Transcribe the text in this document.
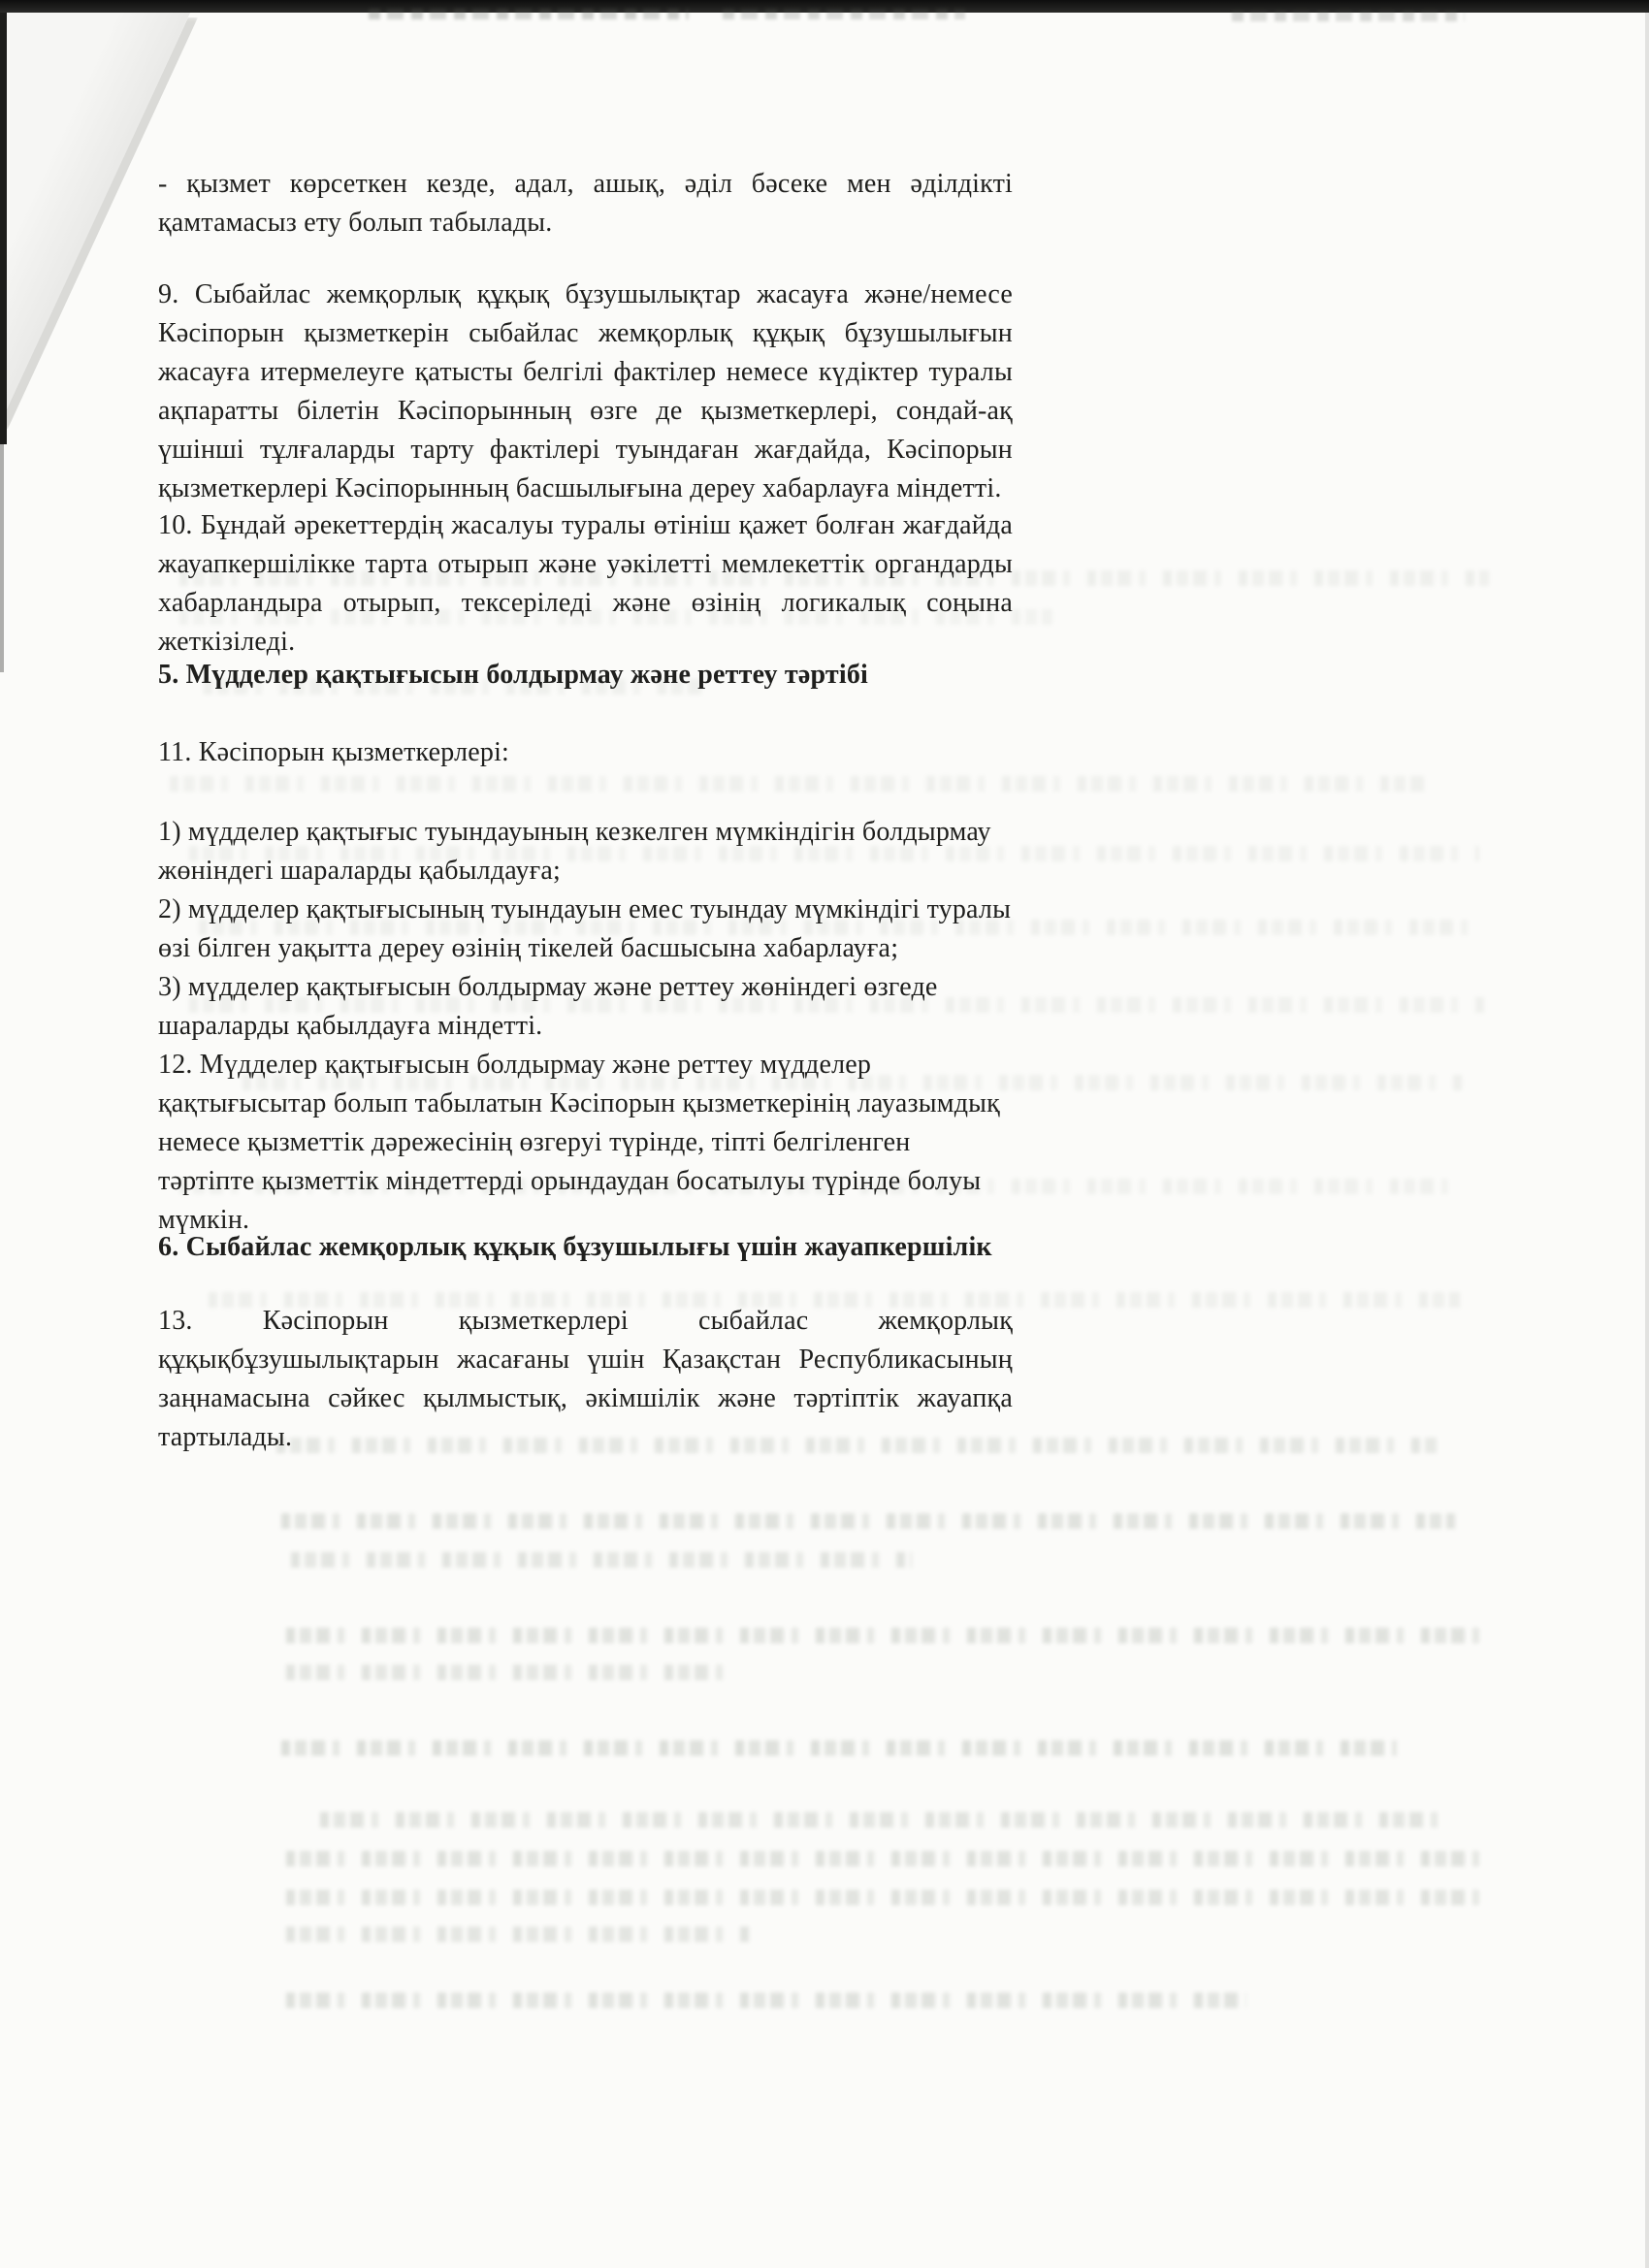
- қызмет көрсеткен кезде, адал, ашық, әділ бәсеке мен әділдікті қамтамасыз ету болып табылады.
9. Сыбайлас жемқорлық құқық бұзушылықтар жасауға және/немесе Кәсіпорын қызметкерін сыбайлас жемқорлық құқық бұзушылығын жасауға итермелеуге қатысты белгілі фактілер немесе күдіктер туралы ақпаратты білетін Кәсіпорынның өзге де қызметкерлері, сондай-ақ үшінші тұлғаларды тарту фактілері туындаған жағдайда, Кәсіпорын қызметкерлері Кәсіпорынның басшылығына дереу хабарлауға міндетті.
10. Бұндай әрекеттердің жасалуы туралы өтініш қажет болған жағдайда жауапкершілікке тарта отырып және уәкілетті мемлекеттік органдарды хабарландыра отырып, тексеріледі және өзінің логикалық соңына жеткізіледі.
5. Мүдделер қақтығысын болдырмау және реттеу тәртібі
11. Кәсіпорын қызметкерлері:
1) мүдделер қақтығыс туындауының кезкелген мүмкіндігін болдырмау жөніндегі шараларды қабылдауға;
2) мүдделер қақтығысының туындауын емес туындау мүмкіндігі туралы өзі білген уақытта дереу өзінің тікелей басшысына хабарлауға;
3) мүдделер қақтығысын болдырмау және реттеу жөніндегі өзгеде шараларды қабылдауға міндетті.
12. Мүдделер қақтығысын болдырмау және реттеу мүдделер қақтығысытар болып табылатын Кәсіпорын қызметкерінің лауазымдық немесе қызметтік дәрежесінің өзгеруі түрінде, тіпті белгіленген тәртіпте қызметтік міндеттерді орындаудан босатылуы түрінде болуы мүмкін.
6. Сыбайлас жемқорлық құқық бұзушылығы үшін жауапкершілік
13. Кәсіпорын қызметкерлері сыбайлас жемқорлық құқықбұзушылықтарын жасағаны үшін Қазақстан Республикасының заңнамасына сәйкес қылмыстық, әкімшілік және тәртіптік жауапқа тартылады.
